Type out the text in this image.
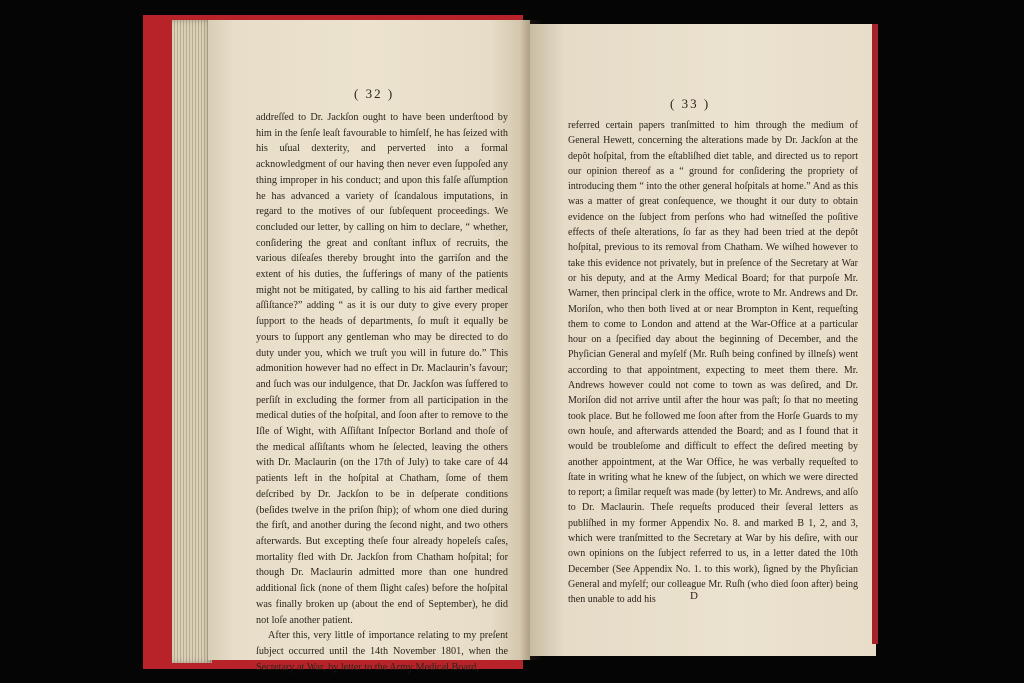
( 32 )

addreſſed to Dr. Jackſon ought to have been underſtood by him in the ſenſe leaſt favourable to himſelf, he has ſeized with his uſual dexterity, and perverted into a formal acknowledgment of our having then never even ſuppoſed any thing improper in his conduct; and upon this falſe aſſumption he has advanced a variety of ſcandalous imputations, in regard to the motives of our ſubſequent proceedings. We concluded our letter, by calling on him to declare, “ whether, conſidering the great and conſtant influx of recruits, the various diſeaſes thereby brought into the garriſon and the extent of his duties, the ſufferings of many of the patients might not be mitigated, by calling to his aid farther medical aſſiſtance?” adding “ as it is our duty to give every proper ſupport to the heads of departments, ſo muſt it equally be yours to ſupport any gentleman who may be directed to do duty under you, which we truſt you will in future do.” This admonition however had no effect in Dr. Maclaurin’s favour; and ſuch was our indulgence, that Dr. Jackſon was ſuffered to perſiſt in excluding the former from all participation in the medical duties of the hoſpital, and ſoon after to remove to the Iſle of Wight, with Aſſiſtant Inſpector Borland and thoſe of the medical aſſiſtants whom he ſelected, leaving the others with Dr. Maclaurin (on the 17th of July) to take care of 44 patients left in the hoſpital at Chatham, ſome of them deſcribed by Dr. Jackſon to be in deſperate conditions (beſides twelve in the priſon ſhip); of whom one died during the firſt, and another during the ſecond night, and two others afterwards. But excepting theſe four already hopeleſs caſes, mortality fled with Dr. Jackſon from Chatham hoſpital; for though Dr. Maclaurin admitted more than one hundred additional ſick (none of them ſlight caſes) before the hoſpital was finally broken up (about the end of September), he did not loſe another patient.

After this, very little of importance relating to my preſent ſubject occurred until the 14th November 1801, when the Secretary at War, by letter to the Army Medical Board,

( 33 )

referred certain papers tranſmitted to him through the medium of General Hewett, concerning the alterations made by Dr. Jackſon at the depôt hoſpital, from the eſtabliſhed diet table, and directed us to report our opinion thereof as a “ ground for conſidering the propriety of introducing them “ into the other general hoſpitals at home.” And as this was a matter of great conſequence, we thought it our duty to obtain evidence on the ſubject from perſons who had witneſſed the poſitive effects of theſe alterations, ſo far as they had been tried at the depôt hoſpital, previous to its removal from Chatham. We wiſhed however to take this evidence not privately, but in preſence of the Secretary at War or his deputy, and at the Army Medical Board; for that purpoſe Mr. Warner, then principal clerk in the office, wrote to Mr. Andrews and Dr. Moriſon, who then both lived at or near Brompton in Kent, requeſting them to come to London and attend at the War-Office at a particular hour on a ſpecified day about the beginning of December, and the Phyſician General and myſelf (Mr. Ruſh being confined by illneſs) went according to that appointment, expecting to meet them there. Mr. Andrews however could not come to town as was deſired, and Dr. Moriſon did not arrive until after the hour was paſt; ſo that no meeting took place. But he followed me ſoon after from the Horſe Guards to my own houſe, and afterwards attended the Board; and as I found that it would be troubleſome and difficult to effect the deſired meeting by another appointment, at the War Office, he was verbally requeſted to ſtate in writing what he knew of the ſubject, on which we were directed to report; a ſimilar requeſt was made (by letter) to Mr. Andrews, and alſo to Dr. Maclaurin. Theſe requeſts produced their ſeveral letters as publiſhed in my former Appendix No. 8. and marked B 1, 2, and 3, which were tranſmitted to the Secretary at War by his deſire, with our own opinions on the ſubject referred to us, in a letter dated the 10th December (See Appendix No. 1. to this work), ſigned by the Phyſician General and myſelf; our colleague Mr. Ruſh (who died ſoon after) being then unable to add his	D
